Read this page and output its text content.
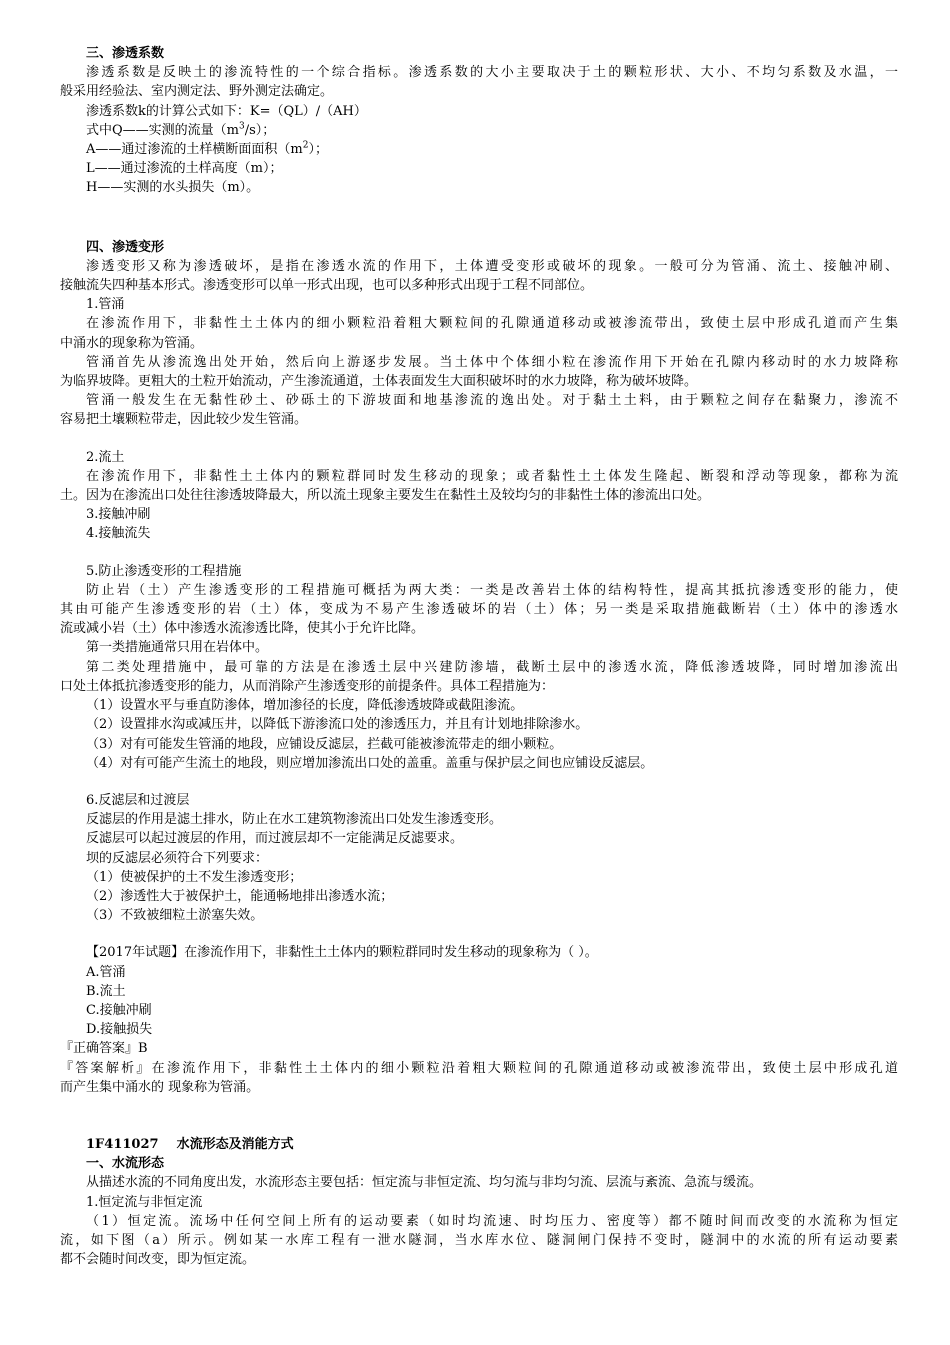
三、渗透系数
渗透系数是反映土的渗流特性的一个综合指标。渗透系数的大小主要取决于土的颗粒形状、大小、不均匀系数及水温，一
般采用经验法、室内测定法、野外测定法确定。
渗透系数k的计算公式如下：K=（QL）/（AH）
式中Q——实测的流量$(m^3/s)$；
A——通过渗流的土样横断面面积$(m^2)$；
L——通过渗流的土样高度（m）；
H——实测的水头损失（m）。
四、渗透变形
渗透变形又称为渗透破坏，是指在渗透水流的作用下，土体遭受变形或破坏的现象。一般可分为管涌、流土、接触冲刷、
接触流失四种基本形式。渗透变形可以单一形式出现，也可以多种形式出现于工程不同部位。
1.管涌
在渗流作用下，非黏性土土体内的细小颗粒沿着粗大颗粒间的孔隙通道移动或被渗流带出，致使土层中形成孔道而产生集
中涌水的现象称为管涌。
管涌首先从渗流逸出处开始，然后向上游逐步发展。当土体中个体细小粒在渗流作用下开始在孔隙内移动时的水力坡降称
为临界坡降。更粗大的土粒开始流动，产生渗流通道，土体表面发生大面积破坏时的水力坡降，称为破坏坡降。
管涌一般发生在无黏性砂土、砂砾土的下游坡面和地基渗流的逸出处。对于黏土土料，由于颗粒之间存在黏聚力，渗流不
容易把土壤颗粒带走，因此较少发生管涌。
2.流土
在渗流作用下，非黏性土土体内的颗粒群同时发生移动的现象；或者黏性土土体发生隆起、断裂和浮动等现象，都称为流
土。因为在渗流出口处往往渗透坡降最大，所以流土现象主要发生在黏性土及较均匀的非黏性土体的渗流出口处。
3.接触冲刷
4.接触流失
5.防止渗透变形的工程措施
防止岩（土）产生渗透变形的工程措施可概括为两大类：一类是改善岩土体的结构特性，提高其抵抗渗透变形的能力，使
其由可能产生渗透变形的岩（土）体，变成为不易产生渗透破坏的岩（土）体；另一类是采取措施截断岩（土）体中的渗透水
流或减小岩（土）体中渗透水流渗透比降，使其小于允许比降。
第一类措施通常只用在岩体中。
第二类处理措施中，最可靠的方法是在渗透土层中兴建防渗墙，截断土层中的渗透水流，降低渗透坡降，同时增加渗流出
口处土体抵抗渗透变形的能力，从而消除产生渗透变形的前提条件。具体工程措施为：
（1）设置水平与垂直防渗体，增加渗径的长度，降低渗透坡降或截阻渗流。
（2）设置排水沟或减压井，以降低下游渗流口处的渗透压力，并且有计划地排除渗水。
（3）对有可能发生管涌的地段，应铺设反滤层，拦截可能被渗流带走的细小颗粒。
（4）对有可能产生流土的地段，则应增加渗流出口处的盖重。盖重与保护层之间也应铺设反滤层。
6.反滤层和过渡层
反滤层的作用是滤土排水，防止在水工建筑物渗流出口处发生渗透变形。
反滤层可以起过渡层的作用，而过渡层却不一定能满足反滤要求。
坝的反滤层必须符合下列要求：
（1）使被保护的土不发生渗透变形；
（2）渗透性大于被保护土，能通畅地排出渗透水流；
（3）不致被细粒土淤塞失效。
【2017年试题】在渗流作用下，非黏性土土体内的颗粒群同时发生移动的现象称为（ ）。
A.管涌
B.流土
C.接触冲刷
D.接触损失
『正确答案』B
『答案解析』在渗流作用下，非黏性土土体内的细小颗粒沿着粗大颗粒间的孔隙通道移动或被渗流带出，致使土层中形成孔道
而产生集中涌水的 现象称为管涌。
1F411027    水流形态及消能方式
一、水流形态
从描述水流的不同角度出发，水流形态主要包括：恒定流与非恒定流、均匀流与非均匀流、层流与紊流、急流与缓流。
1.恒定流与非恒定流
（1）恒定流。流场中任何空间上所有的运动要素（如时均流速、时均压力、密度等）都不随时间而改变的水流称为恒定
流，如下图（a）所示。例如某一水库工程有一泄水隧洞，当水库水位、隧洞闸门保持不变时，隧洞中的水流的所有运动要素
都不会随时间改变，即为恒定流。
